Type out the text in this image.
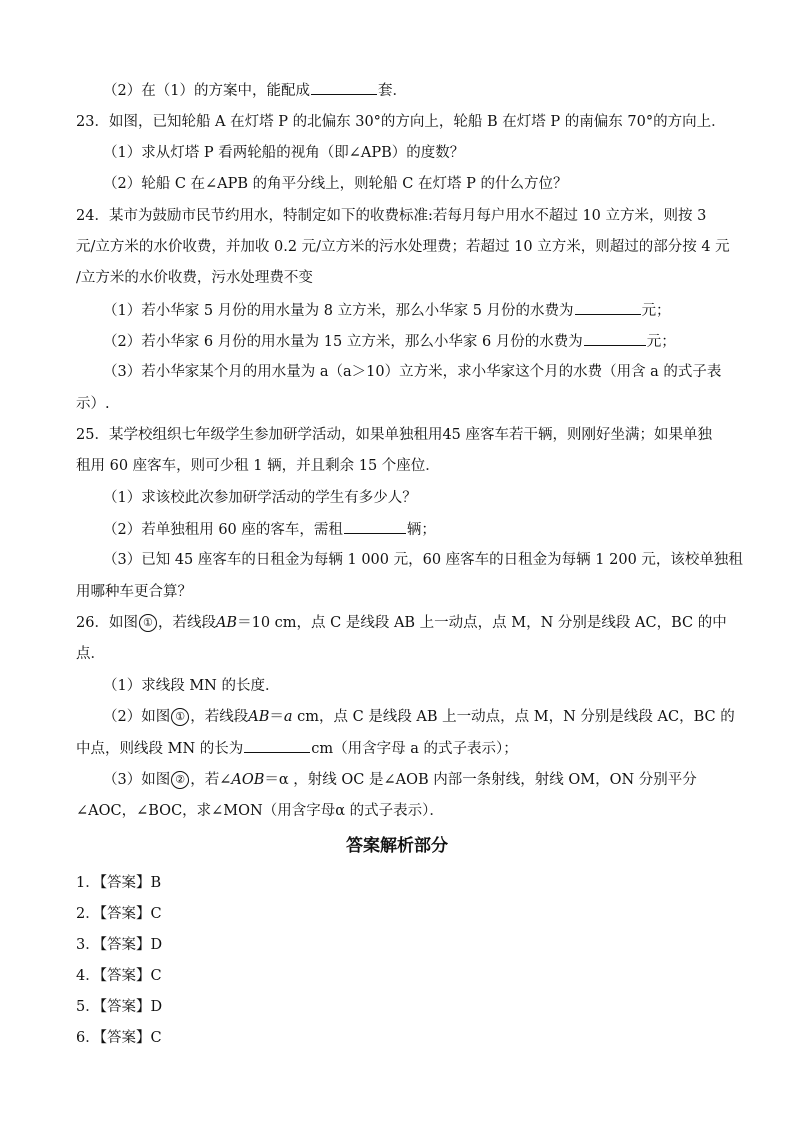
（2）在（1）的方案中，能配成	套．
23．如图，已知轮船 A 在灯塔 P 的北偏东 30°的方向上，轮船 B 在灯塔 P 的南偏东 70°的方向上．
（1）求从灯塔 P 看两轮船的视角（即∠APB）的度数？
（2）轮船 C 在∠APB 的角平分线上，则轮船 C 在灯塔 P 的什么方位？
24．某市为鼓励市民节约用水，特制定如下的收费标准:若每月每户用水不超过 10 立方米，则按 3
元/立方米的水价收费，并加收 0.2 元/立方米的污水处理费；若超过 10 立方米，则超过的部分按 4 元
/立方米的水价收费，污水处理费不变
（1）若小华家 5 月份的用水量为 8 立方米，那么小华家 5 月份的水费为	元；
（2）若小华家 6 月份的用水量为 15 立方米，那么小华家 6 月份的水费为	元；
（3）若小华家某个月的用水量为 a（a＞10）立方米，求小华家这个月的水费（用含 a 的式子表
示）.
25．某学校组织七年级学生参加研学活动，如果单独租用45 座客车若干辆，则刚好坐满；如果单独
租用 60 座客车，则可少租 1 辆，并且剩余 15 个座位．
（1）求该校此次参加研学活动的学生有多少人？
（2）若单独租用 60 座的客车，需租	辆；
（3）已知 45 座客车的日租金为每辆 1 000 元，60 座客车的日租金为每辆 1 200 元，该校单独租
用哪种车更合算？
26．如图 ① ，若线段AB＝10 cm，点 C 是线段 AB 上一动点，点 M，N 分别是线段 AC，BC 的中
点．
（1）求线段 MN 的长度．
（2）如图 ① ，若线段AB＝a cm，点 C 是线段 AB 上一动点，点 M，N 分别是线段 AC，BC 的
中点，则线段 MN 的长为	cm（用含字母 a 的式子表示）；
（3）如图 ② ，若∠AOB＝α ，射线 OC 是∠AOB 内部一条射线，射线 OM，ON 分别平分
∠AOC，∠BOC，求∠MON（用含字母α 的式子表示）．
答案解析部分
1．【答案】B
2．【答案】C
3．【答案】D
4．【答案】C
5．【答案】D
6．【答案】C
